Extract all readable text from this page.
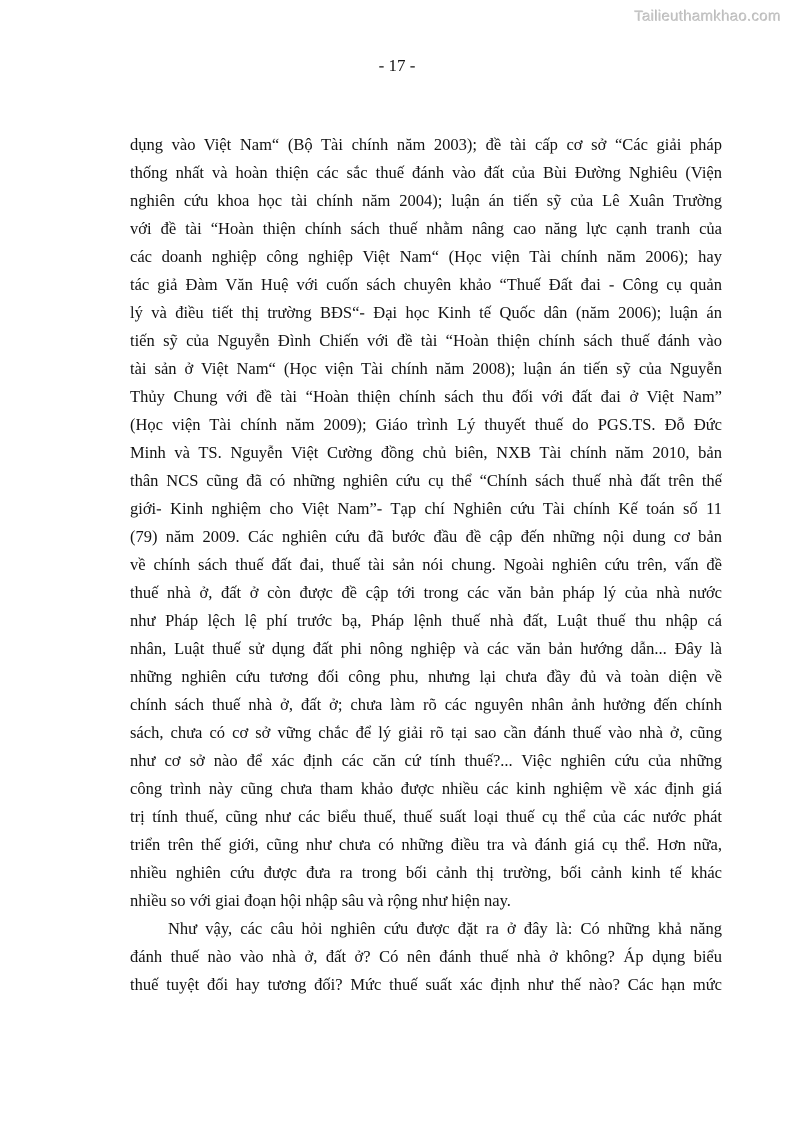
Tailieuthamkhao.com
- 17 -
dụng vào Việt Nam“ (Bộ Tài chính năm 2003); đề tài cấp cơ sở “Các giải pháp
thống nhất và hoàn thiện các sắc thuế đánh vào đất của Bùi Đường Nghiêu (Viện
nghiên cứu khoa học tài chính năm 2004); luận án tiến sỹ của Lê Xuân Trường
với đề tài “Hoàn thiện chính sách thuế nhằm nâng cao năng lực cạnh tranh của
các doanh nghiệp công nghiệp Việt Nam“ (Học viện Tài chính năm 2006); hay
tác giả Đàm Văn Huệ với cuốn sách chuyên khảo “Thuế Đất đai - Công cụ quản
lý và điều tiết thị trường BĐS“- Đại học Kinh tế Quốc dân (năm 2006); luận án
tiến sỹ của Nguyễn Đình Chiến với đề tài “Hoàn thiện chính sách thuế đánh vào
tài sản ở Việt Nam“ (Học viện Tài chính năm 2008); luận án tiến sỹ của Nguyễn
Thủy Chung với đề tài “Hoàn thiện chính sách thu đối với đất đai ở Việt Nam”
(Học viện Tài chính năm 2009); Giáo trình Lý thuyết thuế do PGS.TS. Đỗ Đức
Minh và TS. Nguyễn Việt Cường đồng chủ biên, NXB Tài chính năm 2010, bản
thân NCS cũng đã có những nghiên cứu cụ thể “Chính sách thuế nhà đất trên thế
giới- Kinh nghiệm cho Việt Nam”- Tạp chí Nghiên cứu Tài chính Kế toán số 11
(79) năm 2009. Các nghiên cứu đã bước đầu đề cập đến những nội dung cơ bản
về chính sách thuế đất đai, thuế tài sản nói chung. Ngoài nghiên cứu trên, vấn đề
thuế nhà ở, đất ở còn được đề cập tới trong các văn bản pháp lý của nhà nước
như Pháp lệch lệ phí trước bạ, Pháp lệnh thuế nhà đất, Luật thuế thu nhập cá
nhân, Luật thuế sử dụng đất phi nông nghiệp và các văn bản hướng dẫn... Đây là
những nghiên cứu tương đối công phu, nhưng lại chưa đầy đủ và toàn diện về
chính sách thuế nhà ở, đất ở; chưa làm rõ các nguyên nhân ảnh hưởng đến chính
sách, chưa có cơ sở vững chắc để lý giải rõ tại sao cần đánh thuế vào nhà ở, cũng
như cơ sở nào để xác định các căn cứ tính thuế?... Việc nghiên cứu của những
công trình này cũng chưa tham khảo được nhiều các kinh nghiệm về xác định giá
trị tính thuế, cũng như các biểu thuế, thuế suất loại thuế cụ thể của các nước phát
triển trên thế giới, cũng như chưa có những điều tra và đánh giá cụ thể. Hơn nữa,
nhiều nghiên cứu được đưa ra trong bối cảnh thị trường, bối cảnh kinh tế khác
nhiều so với giai đoạn hội nhập sâu và rộng như hiện nay.
Như vậy, các câu hỏi nghiên cứu được đặt ra ở đây là: Có những khả năng
đánh thuế nào vào nhà ở, đất ở? Có nên đánh thuế nhà ở không? Áp dụng biểu
thuế tuyệt đối hay tương đối? Mức thuế suất xác định như thế nào? Các hạn mức
